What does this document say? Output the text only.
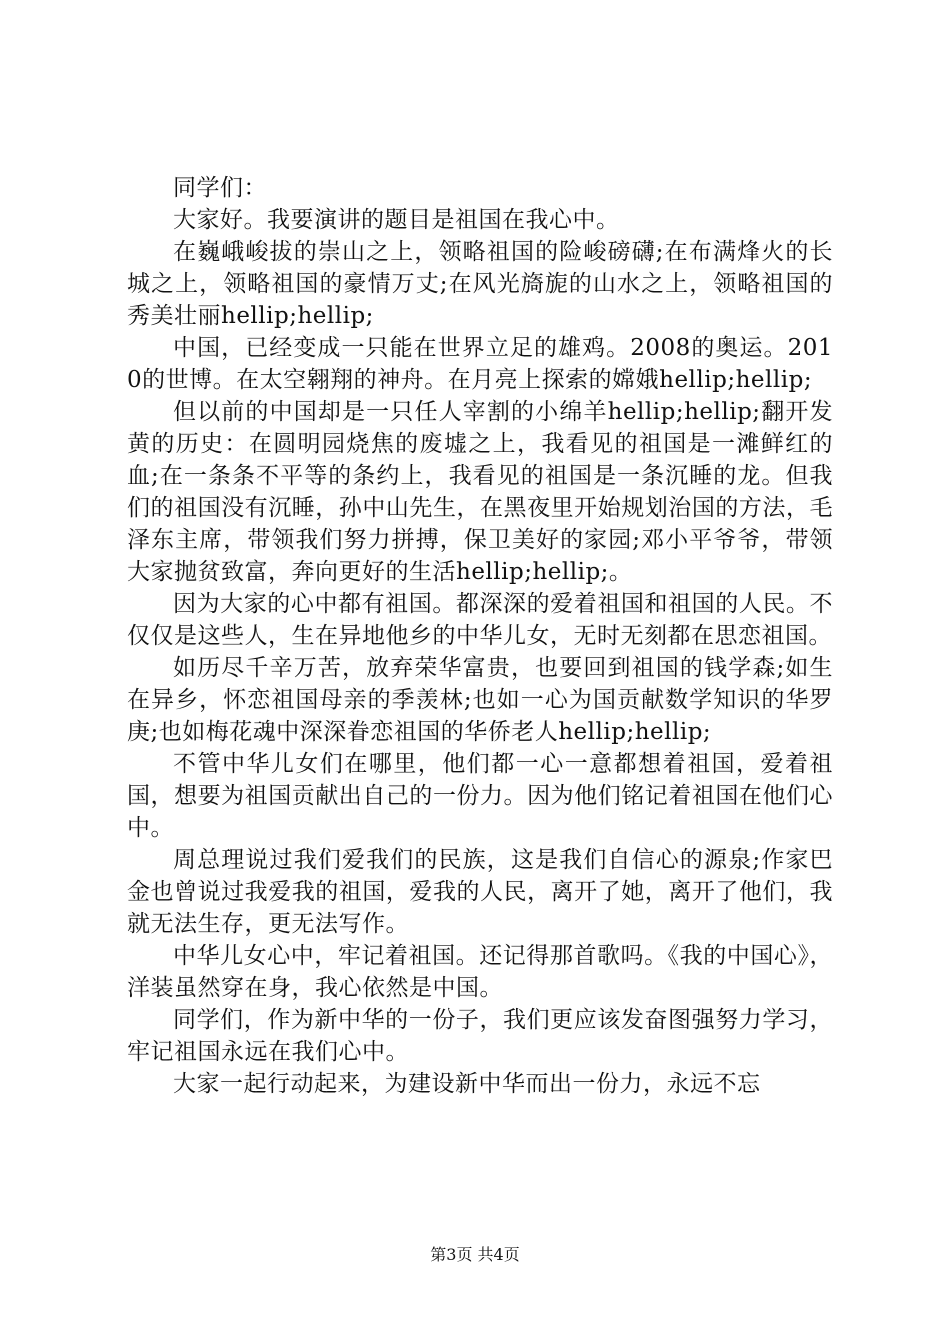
同学们：

大家好。我要演讲的题目是祖国在我心中。

在巍峨峻拔的崇山之上，领略祖国的险峻磅礴;在布满烽火的长城之上，领略祖国的豪情万丈;在风光旖旎的山水之上，领略祖国的秀美壮丽hellip;hellip;

中国，已经变成一只能在世界立足的雄鸡。2008的奥运。2010的世博。在太空翱翔的神舟。在月亮上探索的嫦娥hellip;hellip;

但以前的中国却是一只任人宰割的小绵羊hellip;hellip;翻开发黄的历史：在圆明园烧焦的废墟之上，我看见的祖国是一滩鲜红的血;在一条条不平等的条约上，我看见的祖国是一条沉睡的龙。但我们的祖国没有沉睡，孙中山先生，在黑夜里开始规划治国的方法，毛泽东主席，带领我们努力拼搏，保卫美好的家园;邓小平爷爷，带领大家抛贫致富，奔向更好的生活hellip;hellip;。

因为大家的心中都有祖国。都深深的爱着祖国和祖国的人民。不仅仅是这些人，生在异地他乡的中华儿女，无时无刻都在思恋祖国。

如历尽千辛万苦，放弃荣华富贵，也要回到祖国的钱学森;如生在异乡，怀恋祖国母亲的季羡林;也如一心为国贡献数学知识的华罗庚;也如梅花魂中深深眷恋祖国的华侨老人hellip;hellip;

不管中华儿女们在哪里，他们都一心一意都想着祖国，爱着祖国，想要为祖国贡献出自己的一份力。因为他们铭记着祖国在他们心中。

周总理说过我们爱我们的民族，这是我们自信心的源泉;作家巴金也曾说过我爱我的祖国，爱我的人民，离开了她，离开了他们，我就无法生存，更无法写作。

中华儿女心中，牢记着祖国。还记得那首歌吗。《我的中国心》，洋装虽然穿在身，我心依然是中国。

同学们，作为新中华的一份子，我们更应该发奋图强努力学习，牢记祖国永远在我们心中。

大家一起行动起来，为建设新中华而出一份力，永远不忘

第3页 共4页
